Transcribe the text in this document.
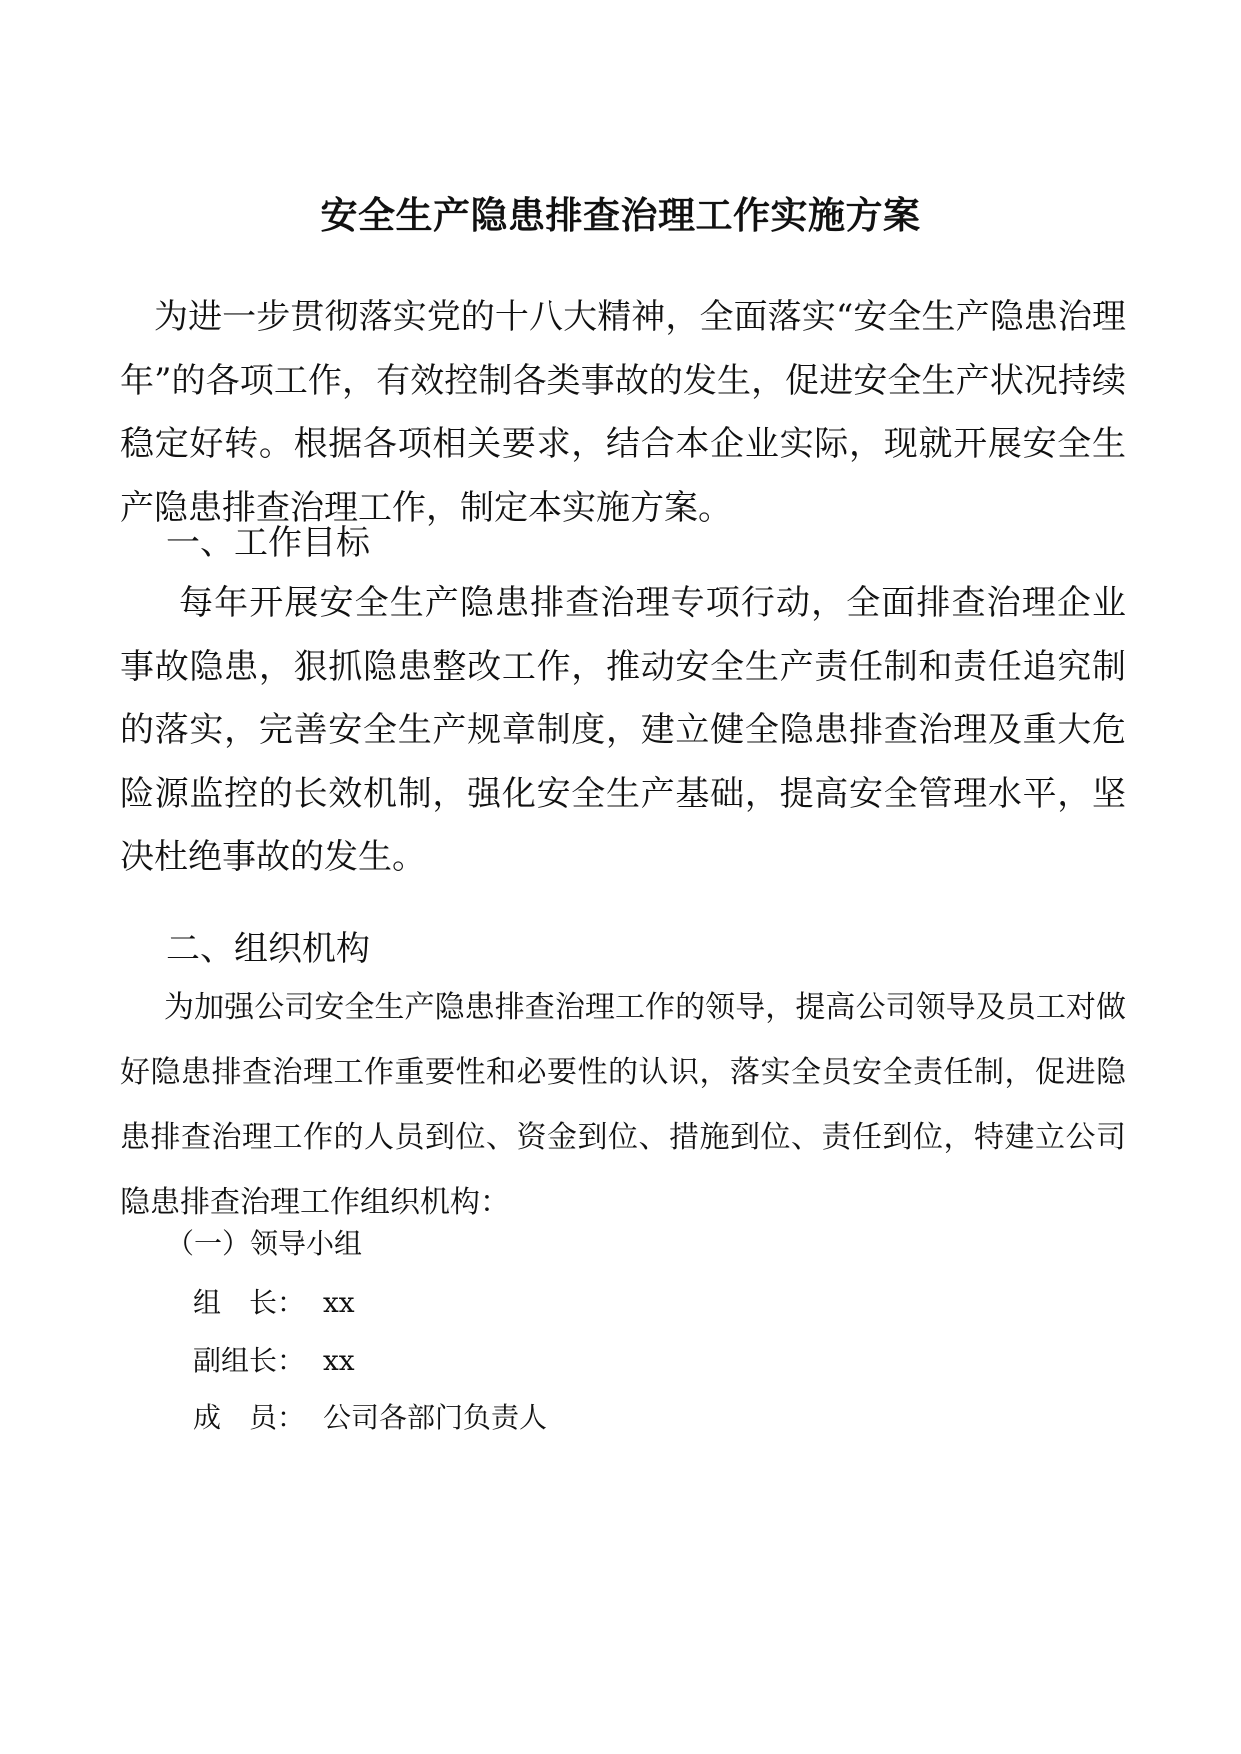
安全生产隐患排查治理工作实施方案

为进一步贯彻落实党的十八大精神，全面落实“安全生产隐患治理年”的各项工作，有效控制各类事故的发生，促进安全生产状况持续稳定好转。根据各项相关要求，结合本企业实际，现就开展安全生产隐患排查治理工作，制定本实施方案。

一、工作目标

每年开展安全生产隐患排查治理专项行动，全面排查治理企业事故隐患，狠抓隐患整改工作，推动安全生产责任制和责任追究制的落实，完善安全生产规章制度，建立健全隐患排查治理及重大危险源监控的长效机制，强化安全生产基础，提高安全管理水平，坚决杜绝事故的发生。

二、组织机构

为加强公司安全生产隐患排查治理工作的领导，提高公司领导及员工对做好隐患排查治理工作重要性和必要性的认识，落实全员安全责任制，促进隐患排查治理工作的人员到位、资金到位、措施到位、责任到位，特建立公司隐患排查治理工作组织机构：

（一）领导小组
组　长： xx
副组长： xx
成　员： 公司各部门负责人
